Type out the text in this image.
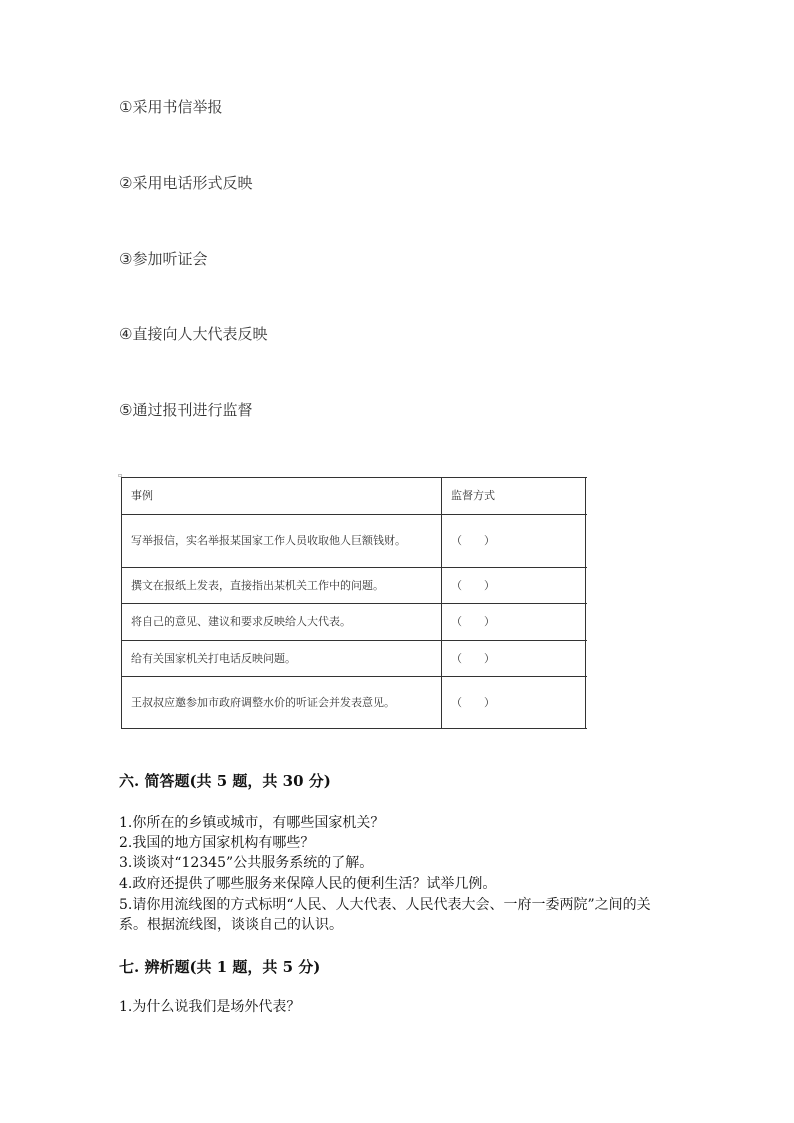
①采用书信举报
②采用电话形式反映
③参加听证会
④直接向人大代表反映
⑤通过报刊进行监督
▫
事例	监督方式
写举报信，实名举报某国家工作人员收取他人巨额钱财。	（　　）
撰文在报纸上发表，直接指出某机关工作中的问题。	（　　）
将自己的意见、建议和要求反映给人大代表。	（　　）
给有关国家机关打电话反映问题。	（　　）
王叔叔应邀参加市政府调整水价的听证会并发表意见。	（　　）
六. 简答题(共 5 题，共 30 分)
1.你所在的乡镇或城市，有哪些国家机关？
2.我国的地方国家机构有哪些？
3.谈谈对“12345”公共服务系统的了解。
4.政府还提供了哪些服务来保障人民的便利生活？试举几例。
5.请你用流线图的方式标明“人民、人大代表、人民代表大会、一府一委两院”之间的关系。根据流线图，谈谈自己的认识。
七. 辨析题(共 1 题，共 5 分)
1.为什么说我们是场外代表？
